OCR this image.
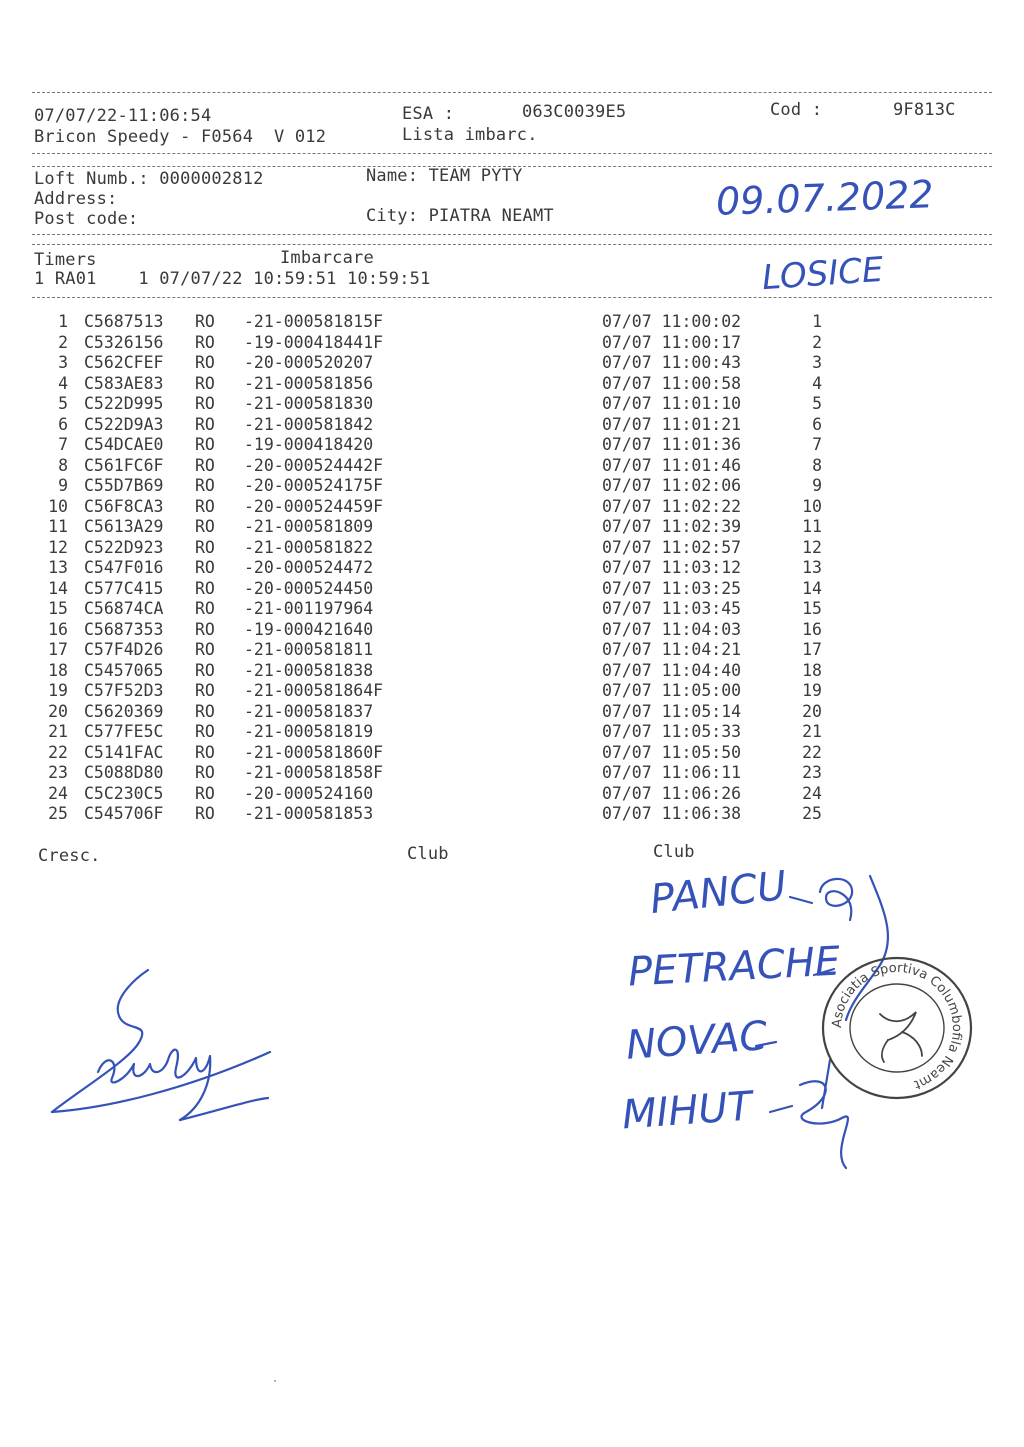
07/07/22-11:06:54
Bricon Speedy - F0564  V 012
ESA :	063C0039E5
Lista imbarc.
Cod :	9F813C
Loft Numb.: 0000002812	Name: TEAM PYTY
Address:
Post code:	City: PIATRA NEAMT	09.07.2022
Timers	Imbarcare
1 RA01    1 07/07/22 10:59:51 10:59:51	LOSICE
1 C5687513 RO -21-000581815F	07/07 11:00:02	1
2 C5326156 RO -19-000418441F	07/07 11:00:17	2
3 C562CFEF RO -20-000520207	07/07 11:00:43	3
4 C583AE83 RO -21-000581856	07/07 11:00:58	4
5 C522D995 RO -21-000581830	07/07 11:01:10	5
6 C522D9A3 RO -21-000581842	07/07 11:01:21	6
7 C54DCAE0 RO -19-000418420	07/07 11:01:36	7
8 C561FC6F RO -20-000524442F	07/07 11:01:46	8
9 C55D7B69 RO -20-000524175F	07/07 11:02:06	9
10 C56F8CA3 RO -20-000524459F	07/07 11:02:22	10
11 C5613A29 RO -21-000581809	07/07 11:02:39	11
12 C522D923 RO -21-000581822	07/07 11:02:57	12
13 C547F016 RO -20-000524472	07/07 11:03:12	13
14 C577C415 RO -20-000524450	07/07 11:03:25	14
15 C56874CA RO -21-001197964	07/07 11:03:45	15
16 C5687353 RO -19-000421640	07/07 11:04:03	16
17 C57F4D26 RO -21-000581811	07/07 11:04:21	17
18 C5457065 RO -21-000581838	07/07 11:04:40	18
19 C57F52D3 RO -21-000581864F	07/07 11:05:00	19
20 C5620369 RO -21-000581837	07/07 11:05:14	20
21 C577FE5C RO -21-000581819	07/07 11:05:33	21
22 C5141FAC RO -21-000581860F	07/07 11:05:50	22
23 C5088D80 RO -21-000581858F	07/07 11:06:11	23
24 C5C230C5 RO -20-000524160	07/07 11:06:26	24
25 C545706F RO -21-000581853	07/07 11:06:38	25
Cresc.	Club	Club
PANCU
PETRACHE
NOVAC
MIHUT
Asociatia Sportiva Columbofila Neamt
